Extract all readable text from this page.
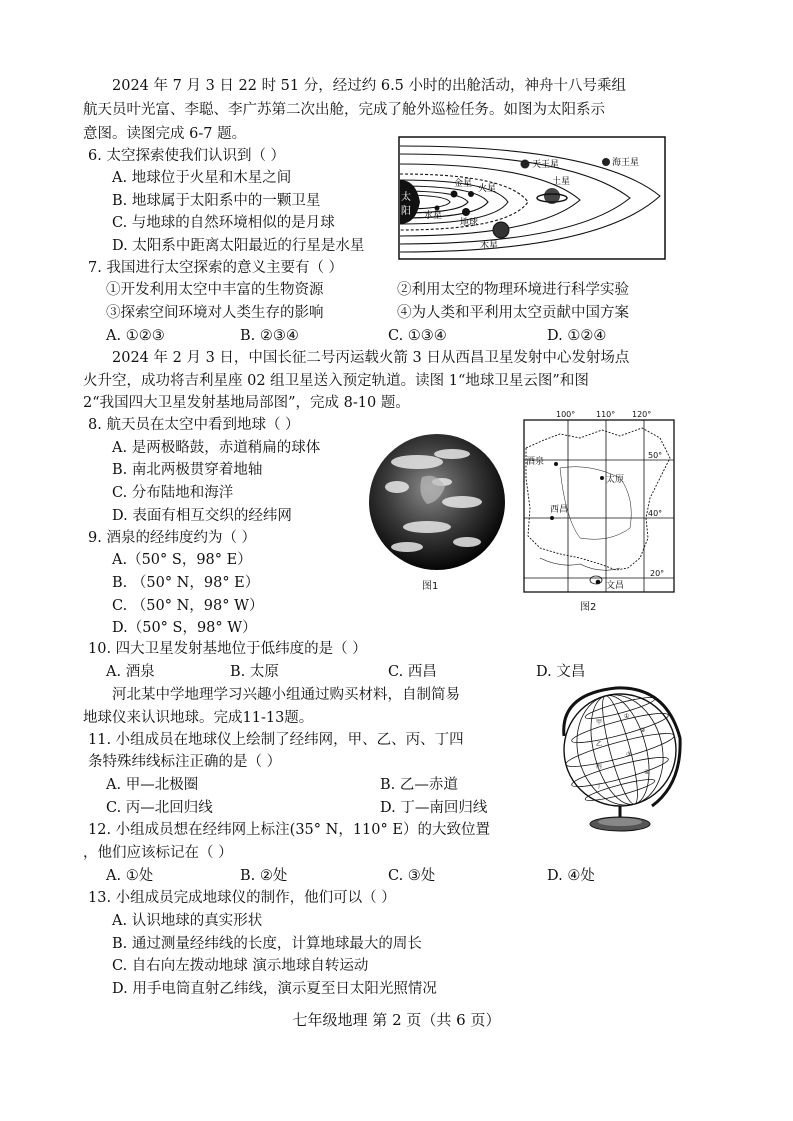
2024 年 7 月 3 日 22 时 51 分，经过约 6.5 小时的出舱活动，神舟十八号乘组
航天员叶光富、李聪、李广苏第二次出舱，完成了舱外巡检任务。如图为太阳系示
意图。读图完成 6-7 题。
6. 太空探索使我们认识到（ ）
A. 地球位于火星和木星之间
B. 地球属于太阳系中的一颗卫星
C. 与地球的自然环境相似的是月球
D. 太阳系中距离太阳最近的行星是水星
太
阳 水星
金星
地球
火星
木星
土星
天王星	海王星
7. 我国进行太空探索的意义主要有（ ）
①开发利用太空中丰富的生物资源	②利用太空的物理环境进行科学实验
③探索空间环境对人类生存的影响	④为人类和平利用太空贡献中国方案
A. ①②③	B. ②③④	C. ①③④	D. ①②④
2024 年 2 月 3 日，中国长征二号丙运载火箭 3 日从西昌卫星发射中心发射场点
火升空，成功将吉利星座 02 组卫星送入预定轨道。读图 1“地球卫星云图”和图
2“我国四大卫星发射基地局部图”，完成 8-10 题。
8. 航天员在太空中看到地球（ ）
A. 是两极略鼓，赤道稍扁的球体
B. 南北两极贯穿着地轴
C. 分布陆地和海洋
D. 表面有相互交织的经纬网
9. 酒泉的经纬度约为（ ）
A.（50° S，98° E）
B. （50° N，98° E）
C. （50° N，98° W）
D.（50° S，98° W）
图1
100°	110° 120°
50°
40°
20°
酒泉
太原
西昌
文昌
图2
10. 四大卫星发射基地位于低纬度的是（ ）
A. 酒泉	B. 太原	C. 西昌	D. 文昌
河北某中学地理学习兴趣小组通过购买材料，自制简易
地球仪来认识地球。完成11-13题。	甲
乙
丙
丁
①
②
③
④
11. 小组成员在地球仪上绘制了经纬网，甲、乙、丙、丁四
条特殊纬线标注正确的是（ ）
A. 甲—北极圈	B. 乙—赤道
C. 丙—北回归线	D. 丁—南回归线
12. 小组成员想在经纬网上标注(35° N，110° E）的大致位置
，他们应该标记在（ ）
A. ①处	B. ②处	C. ③处	D. ④处
13. 小组成员完成地球仪的制作，他们可以（ ）
A. 认识地球的真实形状
B. 通过测量经纬线的长度，计算地球最大的周长
C. 自右向左拨动地球 演示地球自转运动
D. 用手电筒直射乙纬线，演示夏至日太阳光照情况
七年级地理 第 2 页（共 6 页）
